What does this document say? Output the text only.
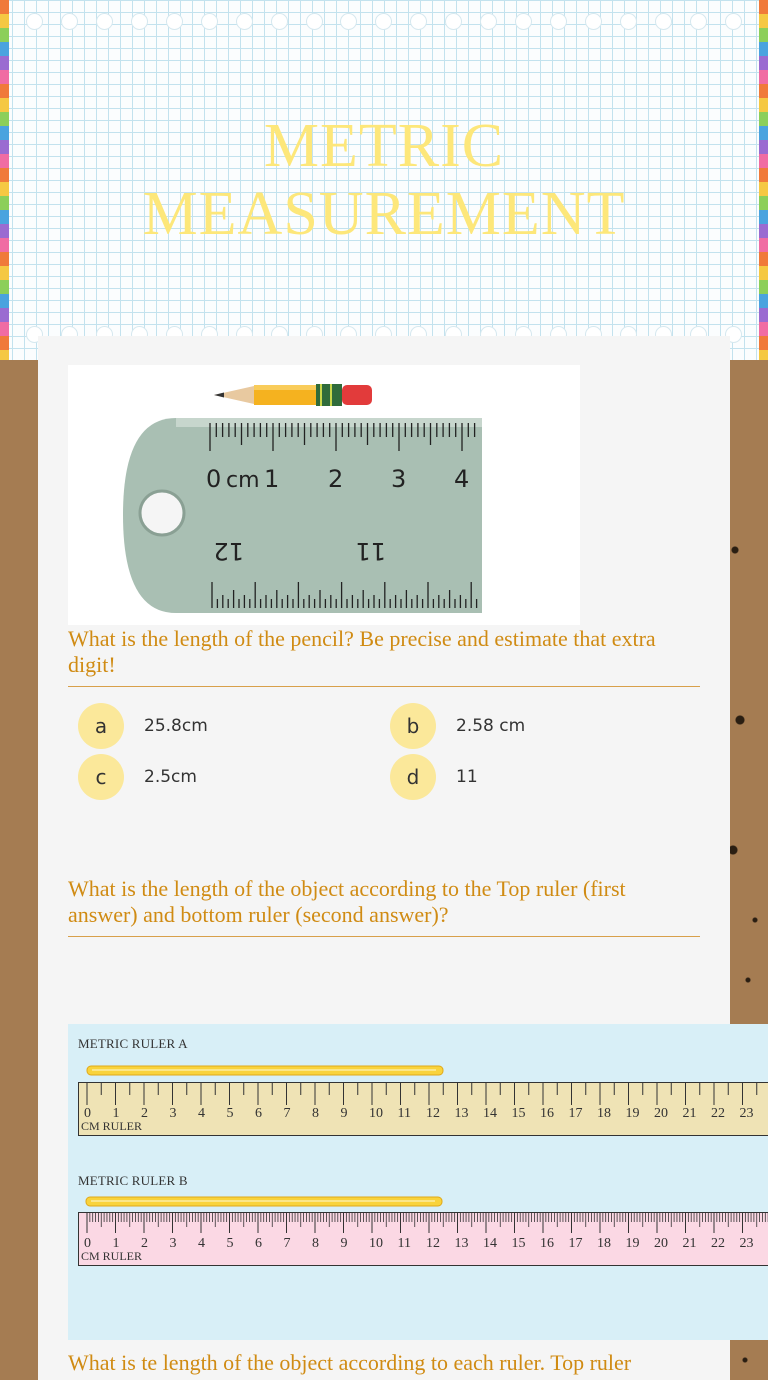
METRIC MEASUREMENT
0 cm 1 2 3 4
12	11
What is the length of the pencil? Be precise and estimate that extra digit!
a	25.8cm	b	2.58 cm
c	2.5cm	d	11
What is the length of the object according to the Top ruler (first answer) and bottom ruler (second answer)?
METRIC RULER A
0 1 2 3 4 5 6 7 8 9 10 11 12 13 14 15 16 17 18 19 20 21 22 23
CM RULER
METRIC RULER B
0 1 2 3 4 5 6 7 8 9 10 11 12 13 14 15 16 17 18 19 20 21 22 23
CM RULER
What is te length of the object according to each ruler. Top ruler
